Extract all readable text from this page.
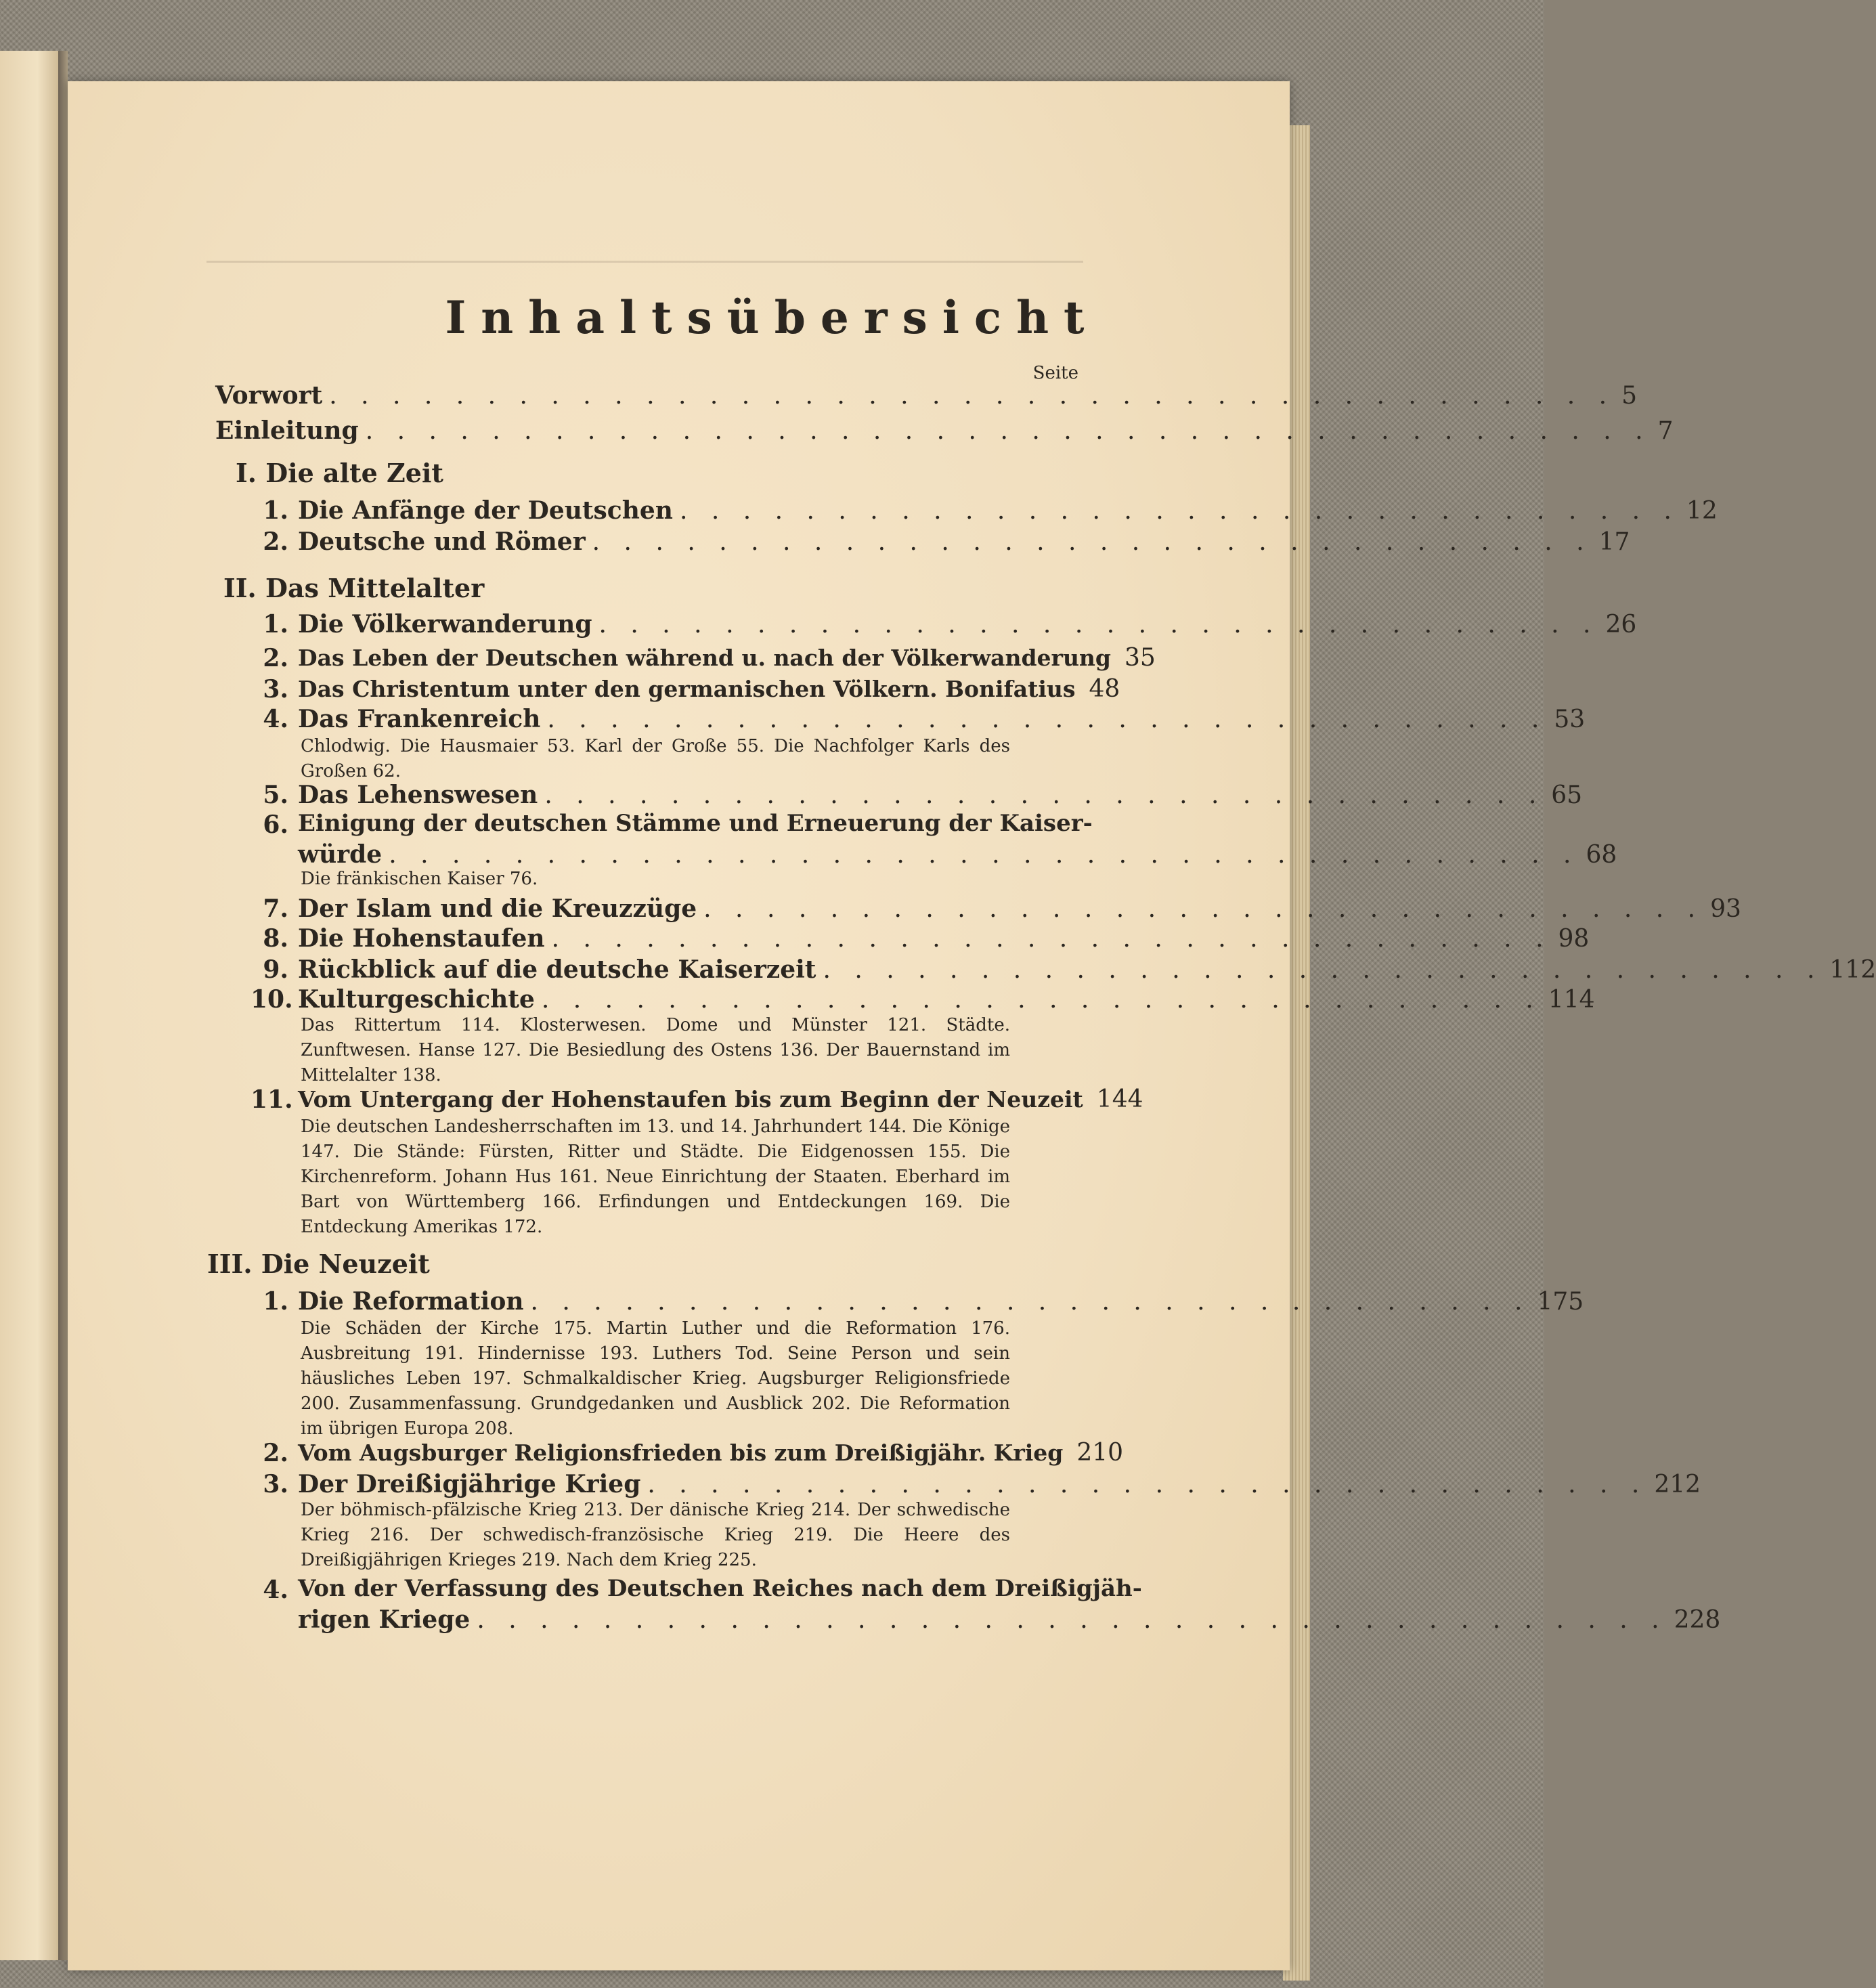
Inhaltsübersicht
Seite
Vorwort . . . . . . . . . . . . . . . . . . . . . . . . . . . . . . . . . . . . . . . . . 5
Einleitung . . . . . . . . . . . . . . . . . . . . . . . . . . . . . . . . . . . . . . . . . 7
I. Die alte Zeit
1. Die Anfänge der Deutschen . . . . . . . . . . . . . . . . . . . . . . . . . . . . . . . . 12
2. Deutsche und Römer . . . . . . . . . . . . . . . . . . . . . . . . . . . . . . . . 17
II. Das Mittelalter
1. Die Völkerwanderung . . . . . . . . . . . . . . . . . . . . . . . . . . . . . . . . 26
2. Das Leben der Deutschen während u. nach der Völkerwanderung 35
3. Das Christentum unter den germanischen Völkern. Bonifatius 48
4. Das Frankenreich . . . . . . . . . . . . . . . . . . . . . . . . . . . . . . . . 53
Chlodwig. Die Hausmaier 53. Karl der Große 55. Die Nachfolger Karls des Großen 62.
5. Das Lehenswesen . . . . . . . . . . . . . . . . . . . . . . . . . . . . . . . . 65
Einigung der deutschen Stämme und Erneuerung der Kaiser-
6.
würde . . . . . . . . . . . . . . . . . . . . . . . . . . . . . . . . . . . . . . 68
Die fränkischen Kaiser 76.
7. Der Islam und die Kreuzzüge . . . . . . . . . . . . . . . . . . . . . . . . . . . . . . . . 93
8. Die Hohenstaufen . . . . . . . . . . . . . . . . . . . . . . . . . . . . . . . . 98
9. Rückblick auf die deutsche Kaiserzeit . . . . . . . . . . . . . . . . . . . . . . . . . . . . . . . . 112
10. Kulturgeschichte . . . . . . . . . . . . . . . . . . . . . . . . . . . . . . . . 114
Das Rittertum 114. Klosterwesen. Dome und Münster 121. Städte. Zunftwesen. Hanse 127. Die Besiedlung des Ostens 136. Der Bauernstand im Mittelalter 138.
11. Vom Untergang der Hohenstaufen bis zum Beginn der Neuzeit 144
Die deutschen Landesherrschaften im 13. und 14. Jahrhundert 144. Die Könige 147. Die Stände: Fürsten, Ritter und Städte. Die Eidgenossen 155. Die Kirchenreform. Johann Hus 161. Neue Einrichtung der Staaten. Eberhard im Bart von Württemberg 166. Erfindungen und Entdeckungen 169. Die Entdeckung Amerikas 172.
III. Die Neuzeit
1. Die Reformation . . . . . . . . . . . . . . . . . . . . . . . . . . . . . . . . 175
Die Schäden der Kirche 175. Martin Luther und die Reformation 176. Ausbreitung 191. Hindernisse 193. Luthers Tod. Seine Person und sein häusliches Leben 197. Schmalkaldischer Krieg. Augsburger Religionsfriede 200. Zusammenfassung. Grundgedanken und Ausblick 202. Die Reformation im übrigen Europa 208.
2. Vom Augsburger Religionsfrieden bis zum Dreißigjähr. Krieg 210
3. Der Dreißigjährige Krieg . . . . . . . . . . . . . . . . . . . . . . . . . . . . . . . . 212
Der böhmisch-pfälzische Krieg 213. Der dänische Krieg 214. Der schwedische Krieg 216. Der schwedisch-französische Krieg 219. Die Heere des Dreißigjährigen Krieges 219. Nach dem Krieg 225.
Von der Verfassung des Deutschen Reiches nach dem Dreißigjäh-
4.
rigen Kriege . . . . . . . . . . . . . . . . . . . . . . . . . . . . . . . . . . . . . . 228
